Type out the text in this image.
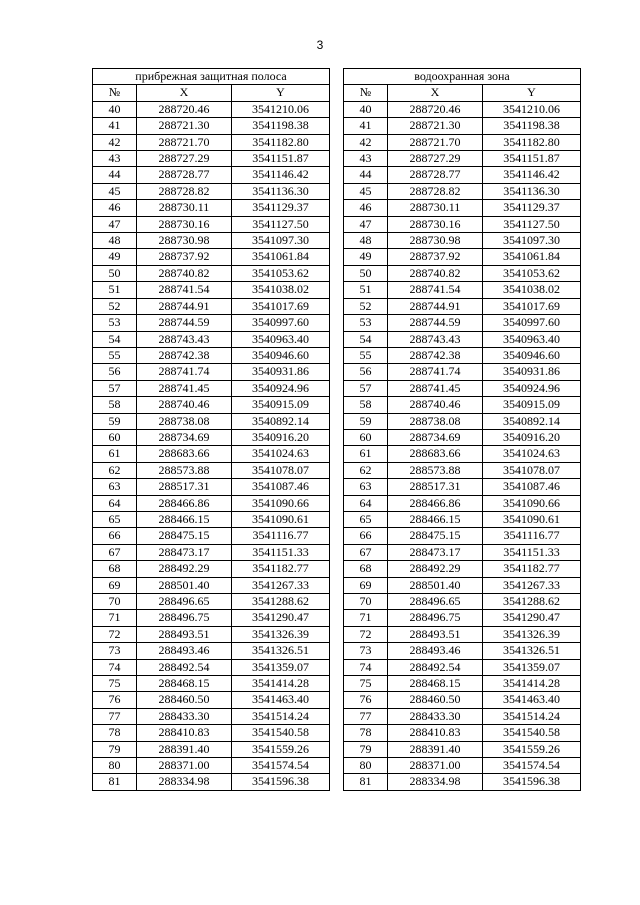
3
прибрежная защитная полоса		
№	X	Y
40	288720.46	3541210.06
41	288721.30	3541198.38
42	288721.70	3541182.80
43	288727.29	3541151.87
44	288728.77	3541146.42
45	288728.82	3541136.30
46	288730.11	3541129.37
47	288730.16	3541127.50
48	288730.98	3541097.30
49	288737.92	3541061.84
50	288740.82	3541053.62
51	288741.54	3541038.02
52	288744.91	3541017.69
53	288744.59	3540997.60
54	288743.43	3540963.40
55	288742.38	3540946.60
56	288741.74	3540931.86
57	288741.45	3540924.96
58	288740.46	3540915.09
59	288738.08	3540892.14
60	288734.69	3540916.20
61	288683.66	3541024.63
62	288573.88	3541078.07
63	288517.31	3541087.46
64	288466.86	3541090.66
65	288466.15	3541090.61
66	288475.15	3541116.77
67	288473.17	3541151.33
68	288492.29	3541182.77
69	288501.40	3541267.33
70	288496.65	3541288.62
71	288496.75	3541290.47
72	288493.51	3541326.39
73	288493.46	3541326.51
74	288492.54	3541359.07
75	288468.15	3541414.28
76	288460.50	3541463.40
77	288433.30	3541514.24
78	288410.83	3541540.58
79	288391.40	3541559.26
80	288371.00	3541574.54
81	288334.98	3541596.38
водоохранная зона		
№	X	Y
40	288720.46	3541210.06
41	288721.30	3541198.38
42	288721.70	3541182.80
43	288727.29	3541151.87
44	288728.77	3541146.42
45	288728.82	3541136.30
46	288730.11	3541129.37
47	288730.16	3541127.50
48	288730.98	3541097.30
49	288737.92	3541061.84
50	288740.82	3541053.62
51	288741.54	3541038.02
52	288744.91	3541017.69
53	288744.59	3540997.60
54	288743.43	3540963.40
55	288742.38	3540946.60
56	288741.74	3540931.86
57	288741.45	3540924.96
58	288740.46	3540915.09
59	288738.08	3540892.14
60	288734.69	3540916.20
61	288683.66	3541024.63
62	288573.88	3541078.07
63	288517.31	3541087.46
64	288466.86	3541090.66
65	288466.15	3541090.61
66	288475.15	3541116.77
67	288473.17	3541151.33
68	288492.29	3541182.77
69	288501.40	3541267.33
70	288496.65	3541288.62
71	288496.75	3541290.47
72	288493.51	3541326.39
73	288493.46	3541326.51
74	288492.54	3541359.07
75	288468.15	3541414.28
76	288460.50	3541463.40
77	288433.30	3541514.24
78	288410.83	3541540.58
79	288391.40	3541559.26
80	288371.00	3541574.54
81	288334.98	3541596.38
